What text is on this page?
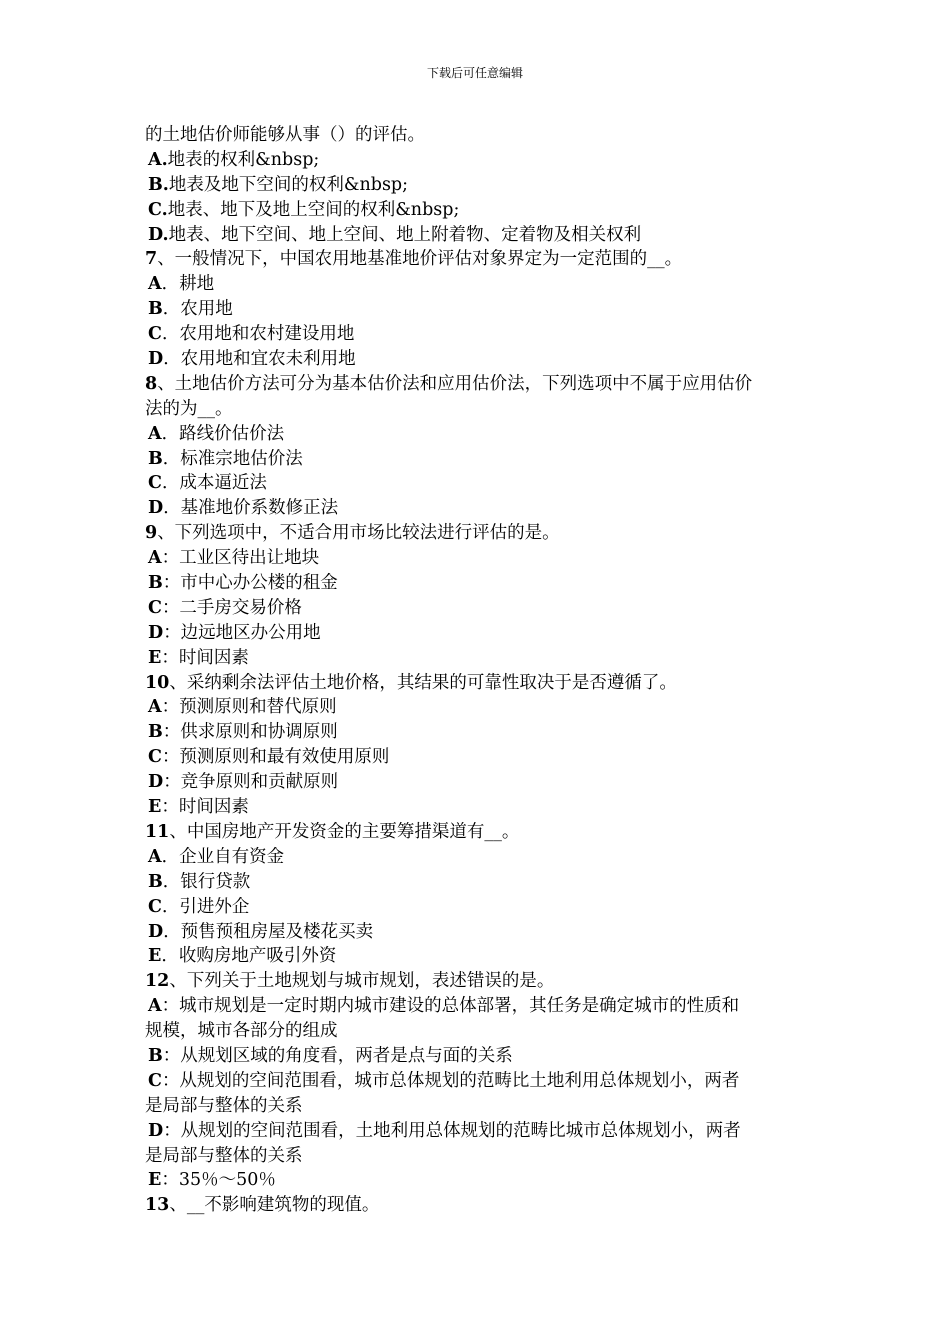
下载后可任意编辑
的土地估价师能够从事（）的评估。
A.地表的权利&nbsp;
B.地表及地下空间的权利&nbsp;
C.地表、地下及地上空间的权利&nbsp;
D.地表、地下空间、地上空间、地上附着物、定着物及相关权利
7、一般情况下，中国农用地基准地价评估对象界定为一定范围的__。
A．耕地
B．农用地
C．农用地和农村建设用地
D．农用地和宜农未利用地
8、土地估价方法可分为基本估价法和应用估价法，下列选项中不属于应用估价
法的为__。
A．路线价估价法
B．标准宗地估价法
C．成本逼近法
D．基准地价系数修正法
9、下列选项中，不适合用市场比较法进行评估的是。
A：工业区待出让地块
B：市中心办公楼的租金
C：二手房交易价格
D：边远地区办公用地
E：时间因素
10、采纳剩余法评估土地价格，其结果的可靠性取决于是否遵循了。
A：预测原则和替代原则
B：供求原则和协调原则
C：预测原则和最有效使用原则
D：竞争原则和贡献原则
E：时间因素
11、中国房地产开发资金的主要筹措渠道有__。
A．企业自有资金
B．银行贷款
C．引进外企
D．预售预租房屋及楼花买卖
E．收购房地产吸引外资
12、下列关于土地规划与城市规划，表述错误的是。
A：城市规划是一定时期内城市建设的总体部署，其任务是确定城市的性质和
规模，城市各部分的组成
B：从规划区域的角度看，两者是点与面的关系
C：从规划的空间范围看，城市总体规划的范畴比土地利用总体规划小，两者
是局部与整体的关系
D：从规划的空间范围看，土地利用总体规划的范畴比城市总体规划小，两者
是局部与整体的关系
E：35％～50％
13、__不影响建筑物的现值。
